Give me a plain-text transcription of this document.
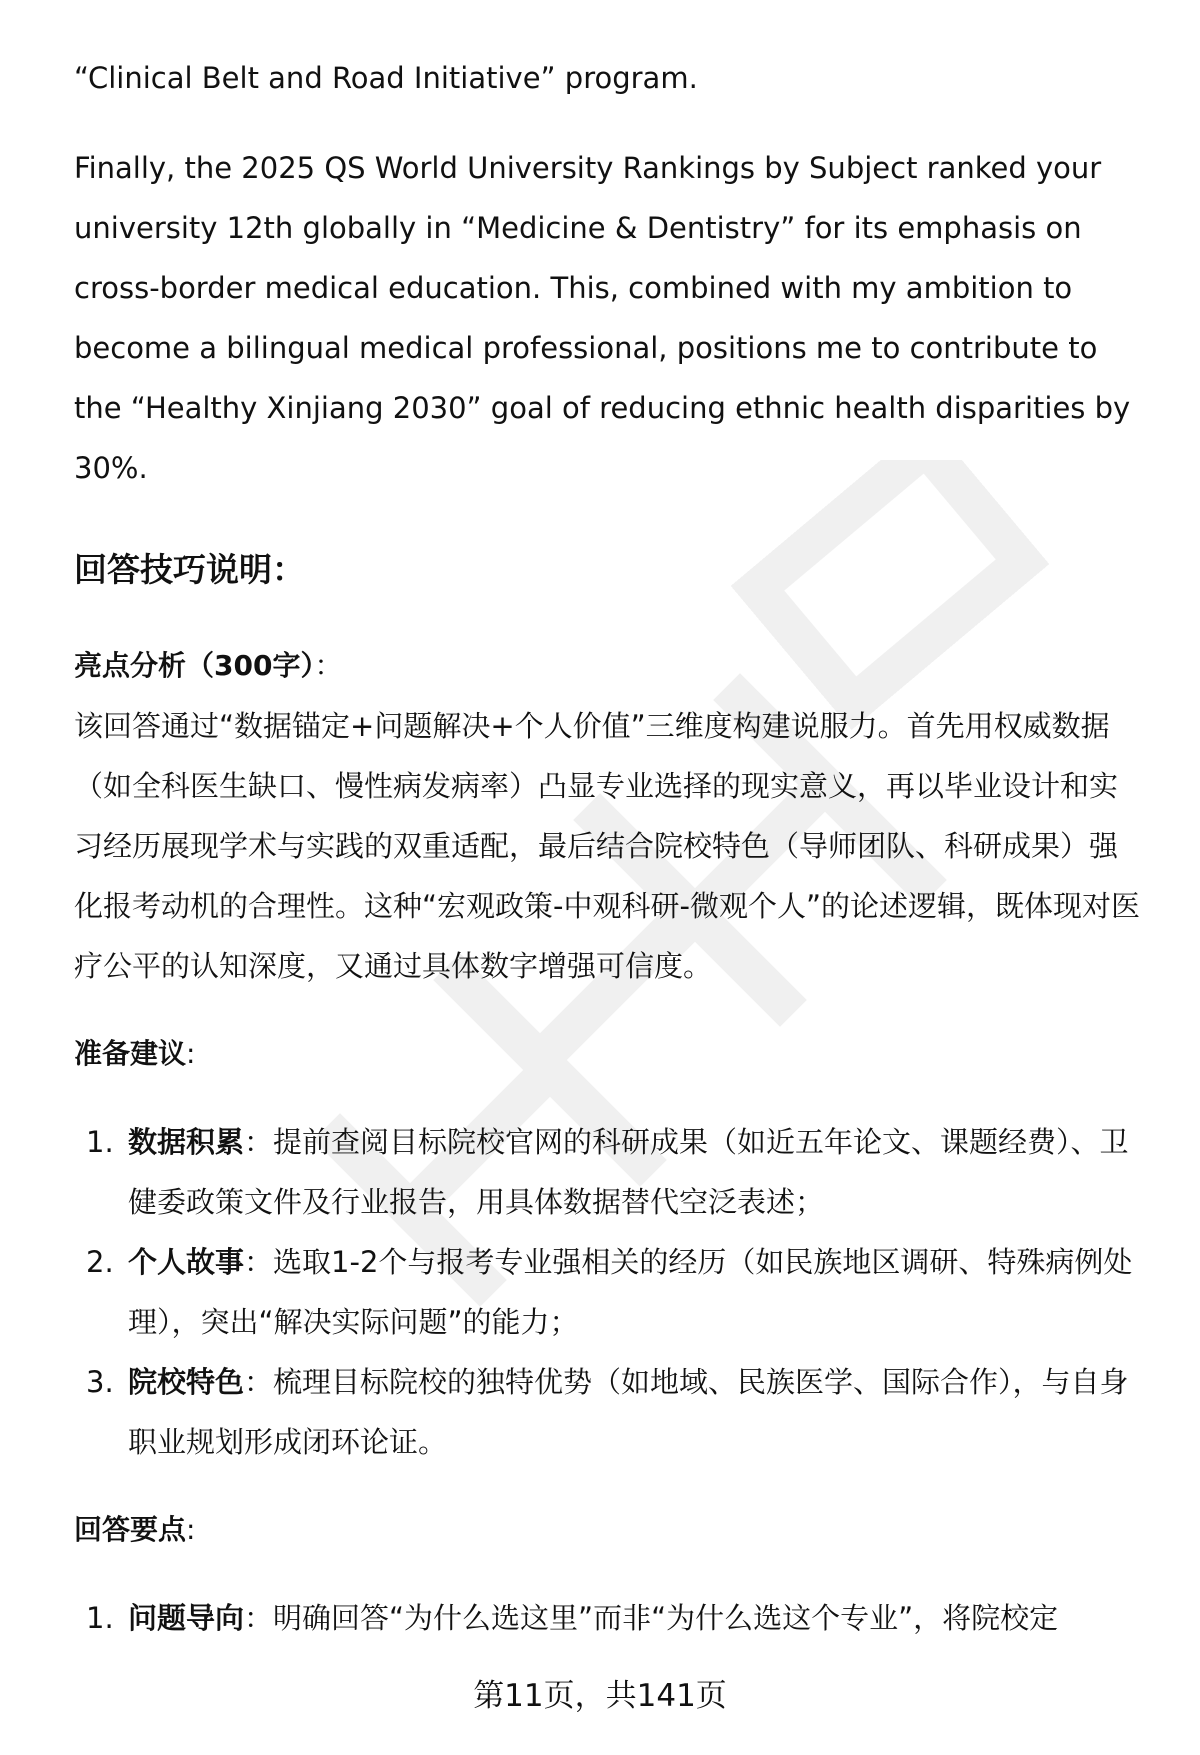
“Clinical Belt and Road Initiative” program.

Finally, the 2025 QS World University Rankings by Subject ranked your university 12th globally in “Medicine & Dentistry” for its emphasis on cross-border medical education. This, combined with my ambition to become a bilingual medical professional, positions me to contribute to the “Healthy Xinjiang 2030” goal of reducing ethnic health disparities by 30%.

回答技巧说明：

亮点分析（300字）：

该回答通过“数据锚定+问题解决+个人价值”三维度构建说服力。首先用权威数据（如全科医生缺口、慢性病发病率）凸显专业选择的现实意义，再以毕业设计和实习经历展现学术与实践的双重适配，最后结合院校特色（导师团队、科研成果）强化报考动机的合理性。这种“宏观政策-中观科研-微观个人”的论述逻辑，既体现对医疗公平的认知深度，又通过具体数字增强可信度。

准备建议:

1. 数据积累：提前查阅目标院校官网的科研成果（如近五年论文、课题经费）、卫健委政策文件及行业报告，用具体数据替代空泛表述；
2. 个人故事：选取1-2个与报考专业强相关的经历（如民族地区调研、特殊病例处理），突出“解决实际问题”的能力；
3. 院校特色：梳理目标院校的独特优势（如地域、民族医学、国际合作），与自身职业规划形成闭环论证。

回答要点:

1. 问题导向：明确回答“为什么选这里”而非“为什么选这个专业”，将院校定
第11页，共141页
